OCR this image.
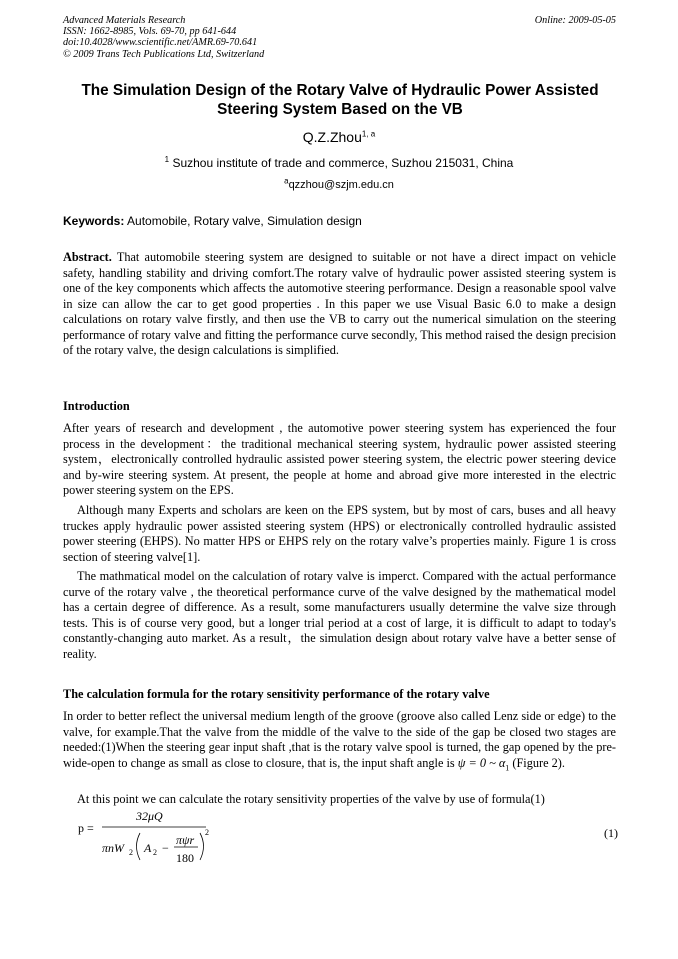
Advanced Materials Research
ISSN: 1662-8985, Vols. 69-70, pp 641-644
doi:10.4028/www.scientific.net/AMR.69-70.641
© 2009 Trans Tech Publications Ltd, Switzerland
Online: 2009-05-05
The Simulation Design of the Rotary Valve of Hydraulic Power Assisted
Steering System Based on the VB
Q.Z.Zhou$^{1, a}$
$^1$ Suzhou institute of trade and commerce, Suzhou 215031, China
$^a$qzzhou@szjm.edu.cn
Keywords: Automobile, Rotary valve, Simulation design

Abstract. That automobile steering system are designed to suitable or not have a direct impact on vehicle safety, handling stability and driving comfort.The rotary valve of hydraulic power assisted steering system is one of the key components which affects the automotive steering performance. Design a reasonable spool valve in size can allow the car to get good properties . In this paper we use Visual Basic 6.0 to make a design calculations on rotary valve firstly, and then use the VB to carry out the numerical simulation on the steering performance of rotary valve and fitting the performance curve secondly, This method raised the design precision of the rotary valve, the design calculations is simplified.

Introduction

After years of research and development , the automotive power steering system has experienced the four process in the development：the traditional mechanical steering system, hydraulic power assisted steering system，electronically controlled hydraulic assisted power steering system, the electric power steering device and by-wire steering system. At present, the people at home and abroad give more interested in the electric power steering system on the EPS.

Although many Experts and scholars are keen on the EPS system, but by most of cars, buses and all heavy truckes apply hydraulic power assisted steering system (HPS) or electronically controlled hydraulic assisted power steering (EHPS). No matter HPS or EHPS rely on the rotary valve’s properties mainly. Figure 1 is cross section of steering valve[1].

The mathmatical model on the calculation of rotary valve is imperct. Compared with the actual performance curve of the rotary valve , the theoretical performance curve of the valve designed by the mathematical model has a certain degree of difference. As a result, some manufacturers usually determine the valve size through tests. This is of course very good, but a longer trial period at a cost of large, it is difficult to adapt to today's constantly-changing auto market. As a result，the simulation design about rotary valve have a better sense of reality.

The calculation formula for the rotary sensitivity performance of the rotary valve

In order to better reflect the universal medium length of the groove (groove also called Lenz side or edge) to the valve, for example.That the valve from the middle of the valve to the side of the gap be closed two stages are needed:(1)When the steering gear input shaft ,that is the rotary valve spool is turned, the gap opened by the pre-wide-open to change as small as close to closure, that is, the input shaft angle is ψ = 0 ~ $\alpha_1$ (Figure 2).

At this point we can calculate the rotary sensitivity properties of the valve by use of formula(1)

p =
32μQ
πnW 2 A 2 −
πψr
180
2	(1)
